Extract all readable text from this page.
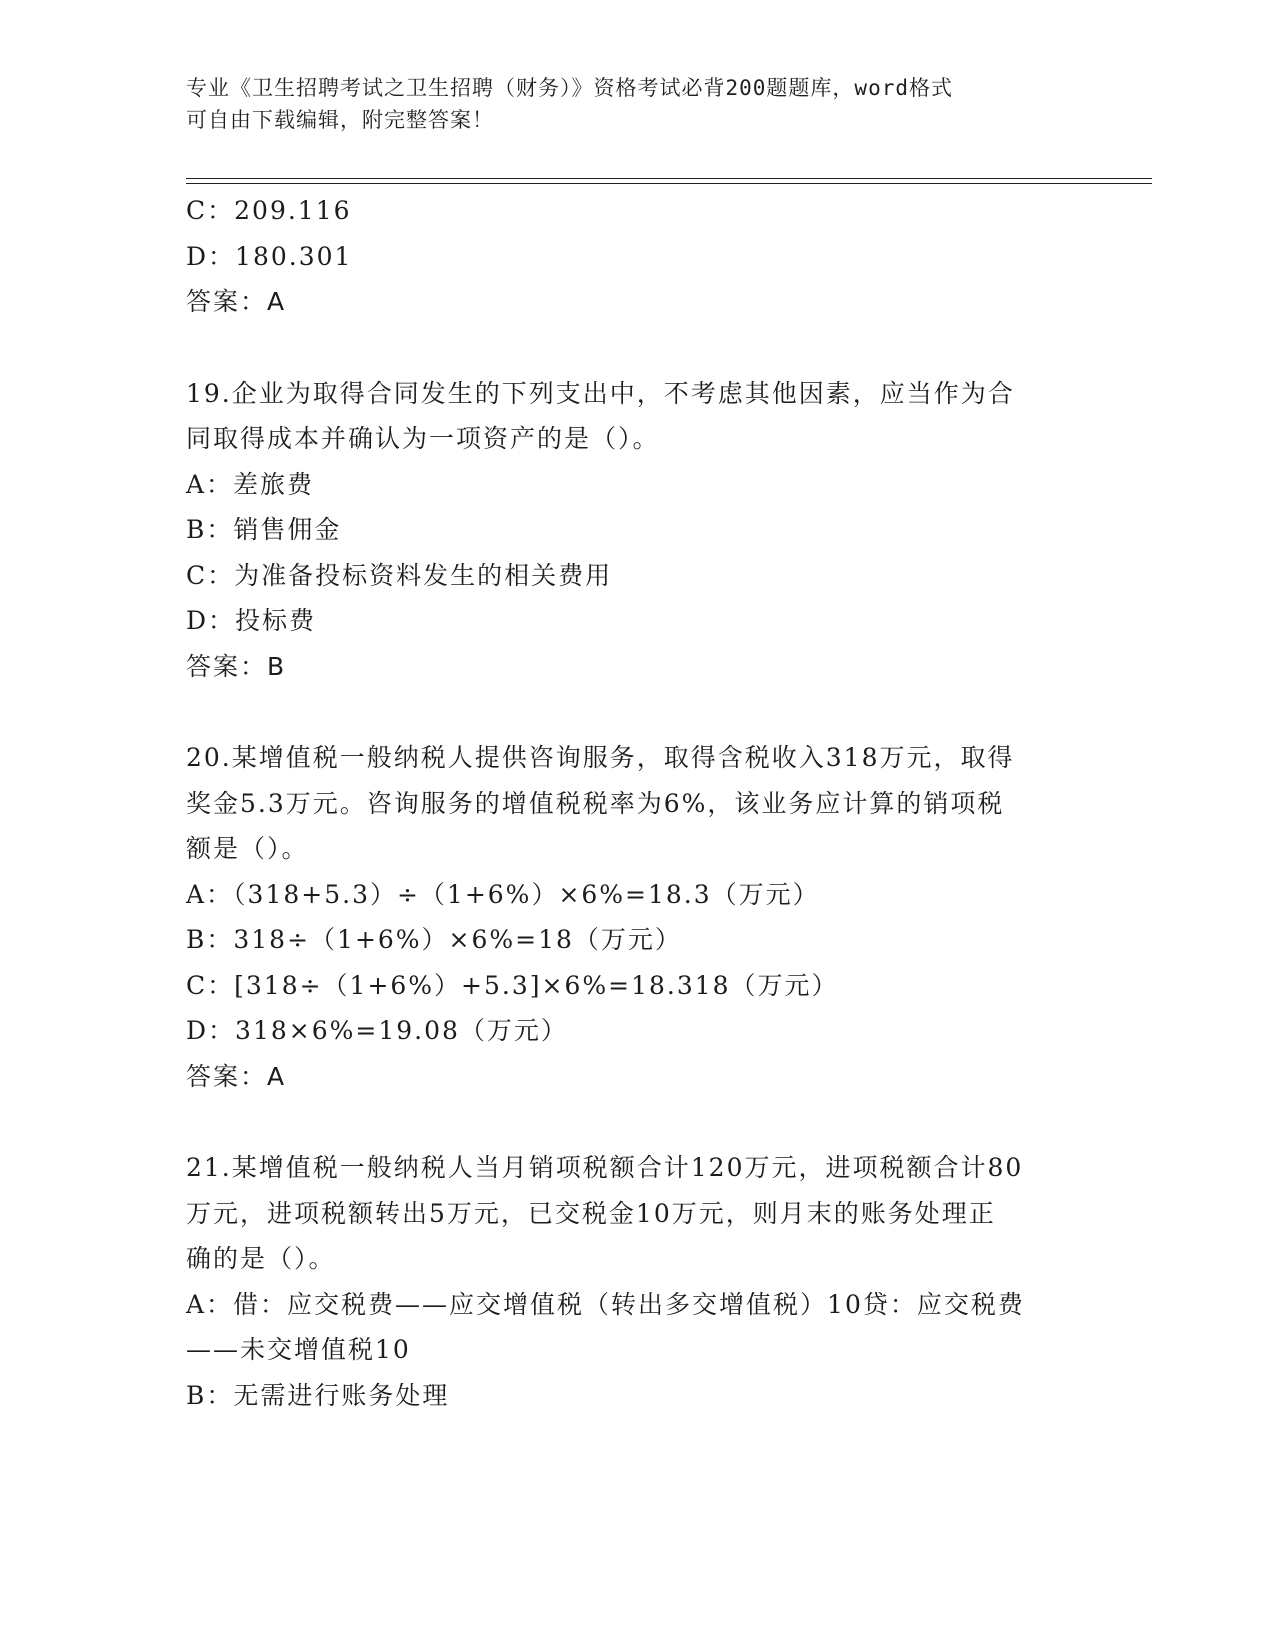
专业《卫生招聘考试之卫生招聘（财务）》资格考试必背200题题库，word格式
可自由下载编辑，附完整答案！
C：209.116
D：180.301
答案：A
19.企业为取得合同发生的下列支出中，不考虑其他因素，应当作为合
同取得成本并确认为一项资产的是（）。
A：差旅费
B：销售佣金
C：为准备投标资料发生的相关费用
D：投标费
答案：B
20.某增值税一般纳税人提供咨询服务，取得含税收入318万元，取得
奖金5.3万元。咨询服务的增值税税率为6%，该业务应计算的销项税
额是（）。
A：（318+5.3）÷（1+6%）×6%=18.3（万元）
B：318÷（1+6%）×6%=18（万元）
C：[318÷（1+6%）+5.3]×6%=18.318（万元）
D：318×6%=19.08（万元）
答案：A
21.某增值税一般纳税人当月销项税额合计120万元，进项税额合计80
万元，进项税额转出5万元，已交税金10万元，则月末的账务处理正
确的是（）。
A：借：应交税费——应交增值税（转出多交增值税）10贷：应交税费
——未交增值税10
B：无需进行账务处理
